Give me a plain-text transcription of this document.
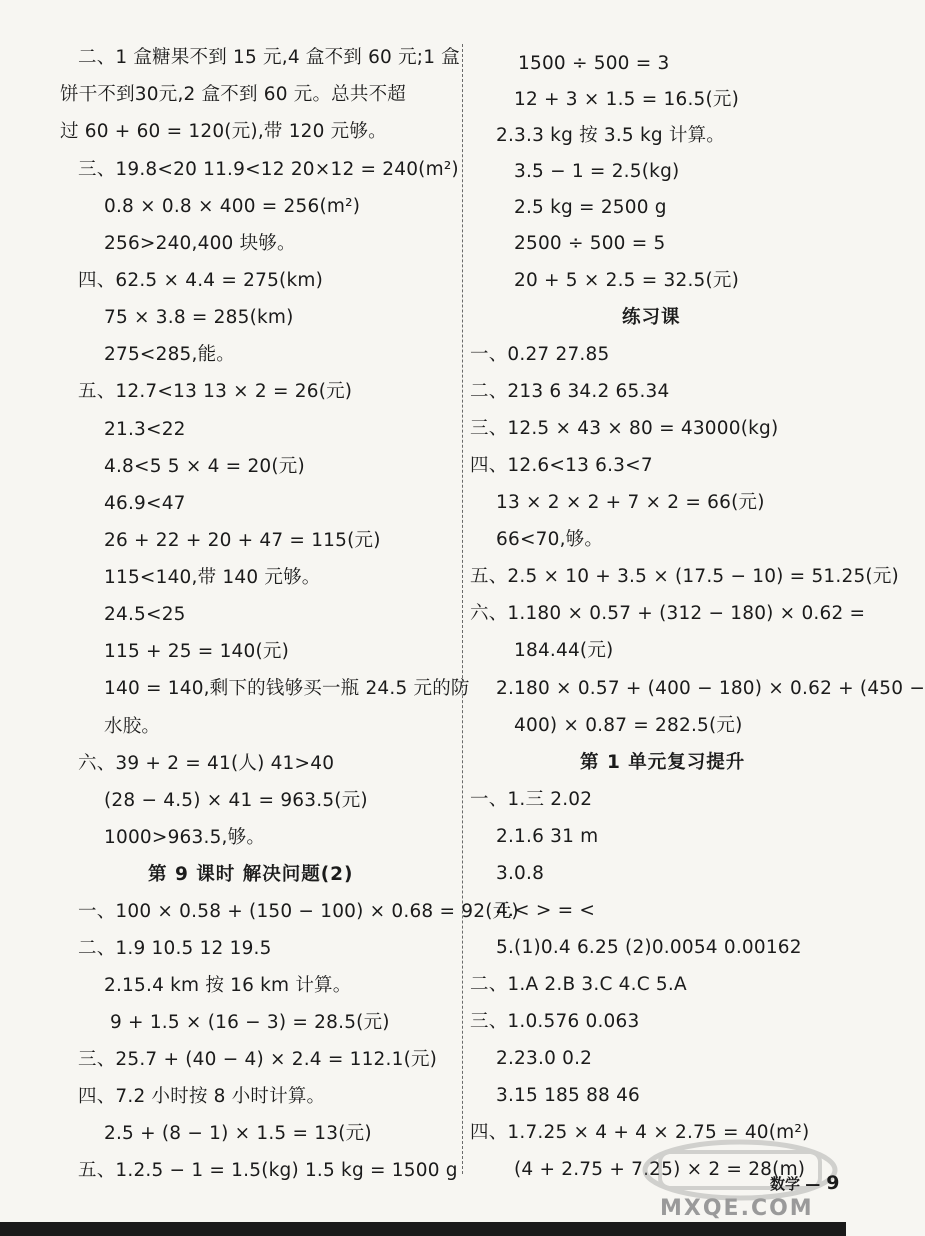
二、1 盒糖果不到 15 元,4 盒不到 60 元;1 盒
饼干不到30元,2 盒不到 60 元。总共不超
过 60 + 60 = 120(元),带 120 元够。
三、19.8<20 11.9<12 20×12 = 240(m²)
0.8 × 0.8 × 400 = 256(m²)
256>240,400 块够。
四、62.5 × 4.4 = 275(km)
75 × 3.8 = 285(km)
275<285,能。
五、12.7<13 13 × 2 = 26(元)
21.3<22
4.8<5 5 × 4 = 20(元)
46.9<47
26 + 22 + 20 + 47 = 115(元)
115<140,带 140 元够。
24.5<25
115 + 25 = 140(元)
140 = 140,剩下的钱够买一瓶 24.5 元的防
水胶。
六、39 + 2 = 41(人) 41>40
(28 − 4.5) × 41 = 963.5(元)
1000>963.5,够。
第 9 课时 解决问题(2)
一、100 × 0.58 + (150 − 100) × 0.68 = 92(元)
二、1.9 10.5 12 19.5
2.15.4 km 按 16 km 计算。
9 + 1.5 × (16 − 3) = 28.5(元)
三、25.7 + (40 − 4) × 2.4 = 112.1(元)
四、7.2 小时按 8 小时计算。
2.5 + (8 − 1) × 1.5 = 13(元)
五、1.2.5 − 1 = 1.5(kg) 1.5 kg = 1500 g
1500 ÷ 500 = 3
12 + 3 × 1.5 = 16.5(元)
2.3.3 kg 按 3.5 kg 计算。
3.5 − 1 = 2.5(kg)
2.5 kg = 2500 g
2500 ÷ 500 = 5
20 + 5 × 2.5 = 32.5(元)
练习课
一、0.27 27.85
二、213 6 34.2 65.34
三、12.5 × 43 × 80 = 43000(kg)
四、12.6<13 6.3<7
13 × 2 × 2 + 7 × 2 = 66(元)
66<70,够。
五、2.5 × 10 + 3.5 × (17.5 − 10) = 51.25(元)
六、1.180 × 0.57 + (312 − 180) × 0.62 =
184.44(元)
2.180 × 0.57 + (400 − 180) × 0.62 + (450 −
400) × 0.87 = 282.5(元)
第 1 单元复习提升
一、1.三 2.02
2.1.6 31 m
3.0.8
4.< > = <
5.(1)0.4 6.25 (2)0.0054 0.00162
二、1.A 2.B 3.C 4.C 5.A
三、1.0.576 0.063
2.23.0 0.2
3.15 185 88 46
四、1.7.25 × 4 + 4 × 2.75 = 40(m²)
(4 + 2.75 + 7.25) × 2 = 28(m)
MXQE.COM
数学 — 9
